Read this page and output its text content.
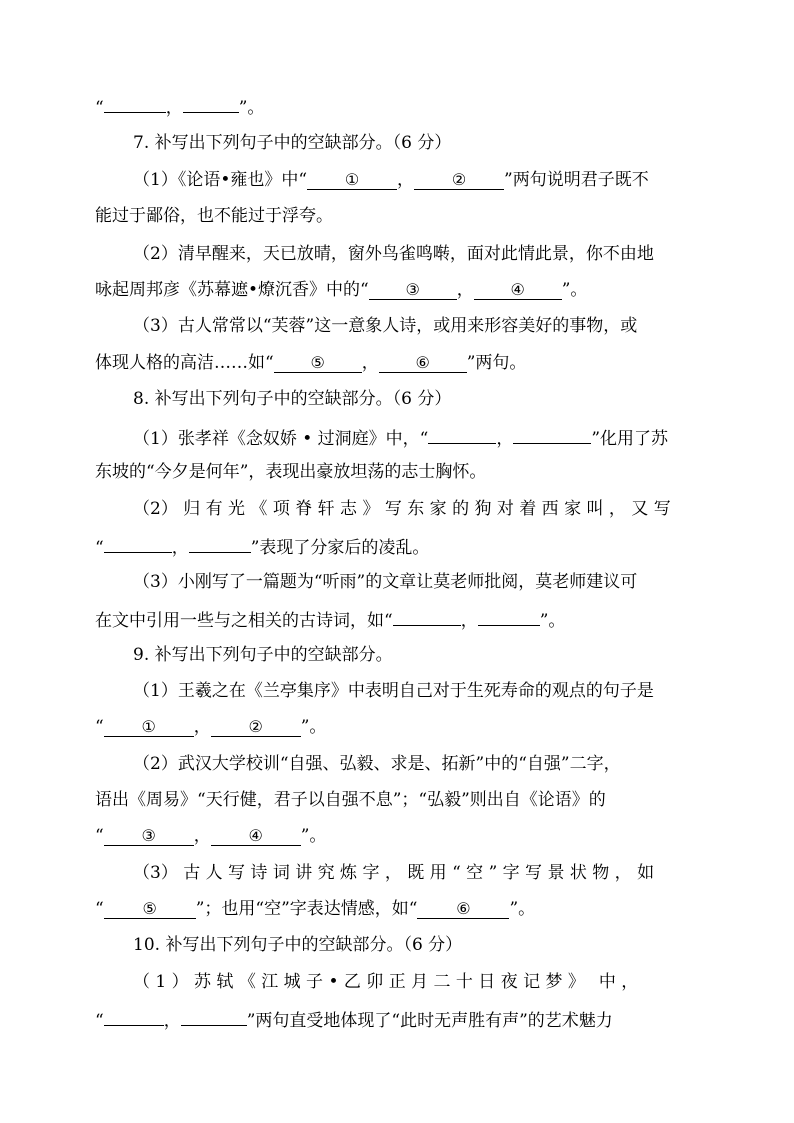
“	，	”。
7. 补写出下列句子中的空缺部分。（6 分）
（1）《论语•雍也》中“ ① ， ② ”两句说明君子既不
能过于鄙俗，也不能过于浮夸。
（2）清早醒来，天已放晴，窗外鸟雀鸣啭，面对此情此景，你不由地
咏起周邦彦《苏幕遮•燎沉香》中的“ ③ ， ④ ”。
（3）古人常常以“芙蓉”这一意象人诗，或用来形容美好的事物，或
体现人格的高洁……如“ ⑤ ， ⑥ ”两句。
8. 补写出下列句子中的空缺部分。（6 分）
（1）张孝祥《念奴娇 • 过洞庭》中，“	，	”化用了苏
东坡的“今夕是何年”，表现出豪放坦荡的志士胸怀。
（2） 归 有 光 《 项 脊 轩 志 》 写 东 家 的 狗 对 着 西 家 叫 ， 又 写
“	，	”表现了分家后的凌乱。
（3）小刚写了一篇题为“听雨”的文章让莫老师批阅，莫老师建议可
在文中引用一些与之相关的古诗词，如“	，	”。
9. 补写出下列句子中的空缺部分。
（1）王羲之在《兰亭集序》中表明自己对于生死寿命的观点的句子是
“ ① ， ② ”。
（2）武汉大学校训“自强、弘毅、求是、拓新”中的“自强”二字，
语出《周易》“天行健，君子以自强不息”；“弘毅”则出自《论语》的
“ ③ ， ④ ”。
（3） 古 人 写 诗 词 讲 究 炼 字 ， 既 用 “ 空 ” 字 写 景 状 物 ， 如
“ ⑤ ”；也用“空”字表达情感，如“ ⑥ ”。
10. 补写出下列句子中的空缺部分。（6 分）
（ 1 ） 苏 轼 《 江 城 子 • 乙 卯 正 月 二 十 日 夜 记 梦 》　 中 ，
“	，	”两句直受地体现了“此时无声胜有声”的艺术魅力
